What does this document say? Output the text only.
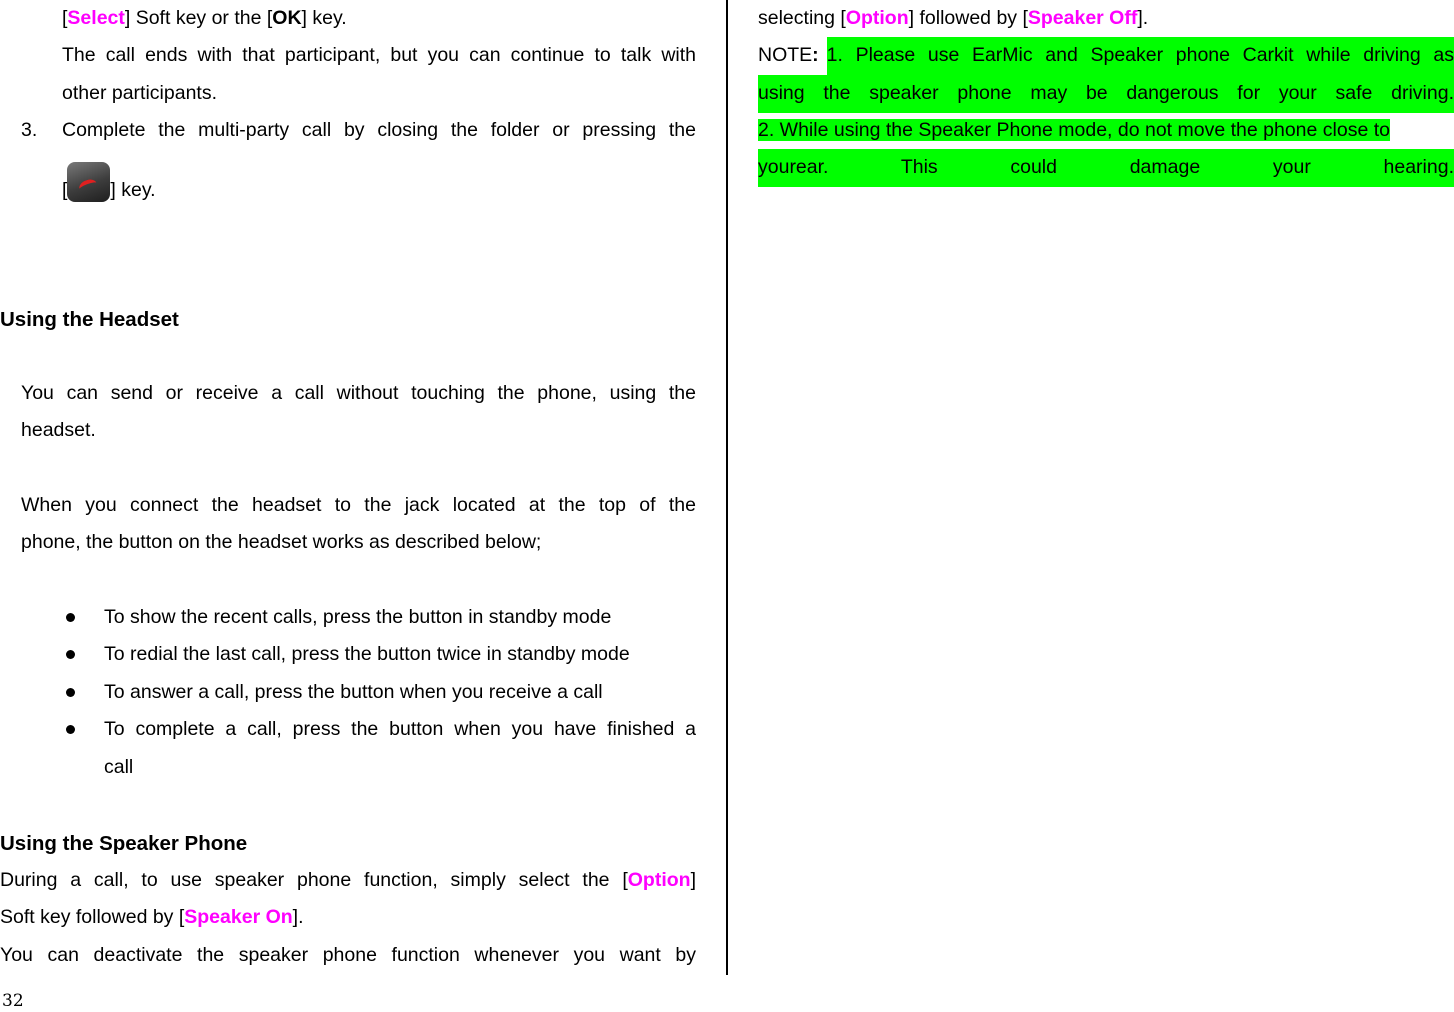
[Select] Soft key or the [OK] key.
The call ends with that participant, but you can continue to talk with
other participants.
3. Complete the multi-party call by closing the folder or pressing the
[ ] key.
Using the Headset
You can send or receive a call without touching the phone, using the
headset.
When you connect the headset to the jack located at the top of the
phone, the button on the headset works as described below;
To show the recent calls, press the button in standby mode
To redial the last call, press the button twice in standby mode
To answer a call, press the button when you receive a call
To complete a call, press the button when you have finished a
call
Using the Speaker Phone
During a call, to use speaker phone function, simply select the [Option]
Soft key followed by [Speaker On].
You can deactivate the speaker phone function whenever you want by
selecting [Option] followed by [Speaker Off].
NOTE : 1. Please use EarMic and Speaker phone Carkit while driving as
using the speaker phone may be dangerous for your safe driving.
2. While using the Speaker Phone mode, do not move the phone close to
yourear. This could damage your hearing.
32
